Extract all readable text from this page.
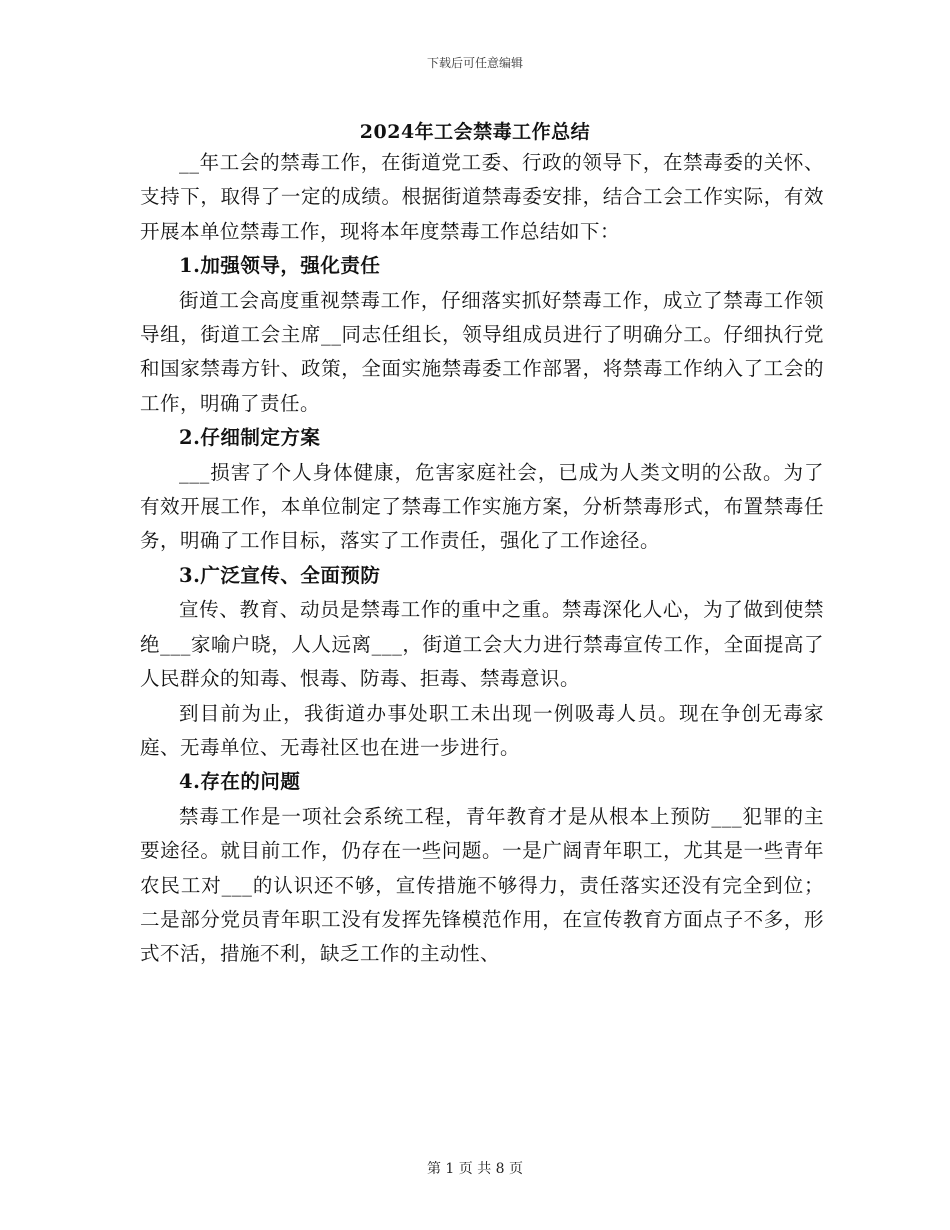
下载后可任意编辑
2024年工会禁毒工作总结

__年工会的禁毒工作，在街道党工委、行政的领导下，在禁毒委的关怀、支持下，取得了一定的成绩。根据街道禁毒委安排，结合工会工作实际，有效开展本单位禁毒工作，现将本年度禁毒工作总结如下：

1.加强领导，强化责任

街道工会高度重视禁毒工作，仔细落实抓好禁毒工作，成立了禁毒工作领导组，街道工会主席__同志任组长，领导组成员进行了明确分工。仔细执行党和国家禁毒方针、政策，全面实施禁毒委工作部署，将禁毒工作纳入了工会的工作，明确了责任。

2.仔细制定方案

___损害了个人身体健康，危害家庭社会，已成为人类文明的公敌。为了有效开展工作，本单位制定了禁毒工作实施方案，分析禁毒形式，布置禁毒任务，明确了工作目标，落实了工作责任，强化了工作途径。

3.广泛宣传、全面预防

宣传、教育、动员是禁毒工作的重中之重。禁毒深化人心，为了做到使禁绝___家喻户晓，人人远离___，街道工会大力进行禁毒宣传工作，全面提高了人民群众的知毒、恨毒、防毒、拒毒、禁毒意识。

到目前为止，我街道办事处职工未出现一例吸毒人员。现在争创无毒家庭、无毒单位、无毒社区也在进一步进行。

4.存在的问题

禁毒工作是一项社会系统工程，青年教育才是从根本上预防___犯罪的主要途径。就目前工作，仍存在一些问题。一是广阔青年职工，尤其是一些青年农民工对___的认识还不够，宣传措施不够得力，责任落实还没有完全到位；二是部分党员青年职工没有发挥先锋模范作用，在宣传教育方面点子不多，形式不活，措施不利，缺乏工作的主动性、

第 1 页 共 8 页
